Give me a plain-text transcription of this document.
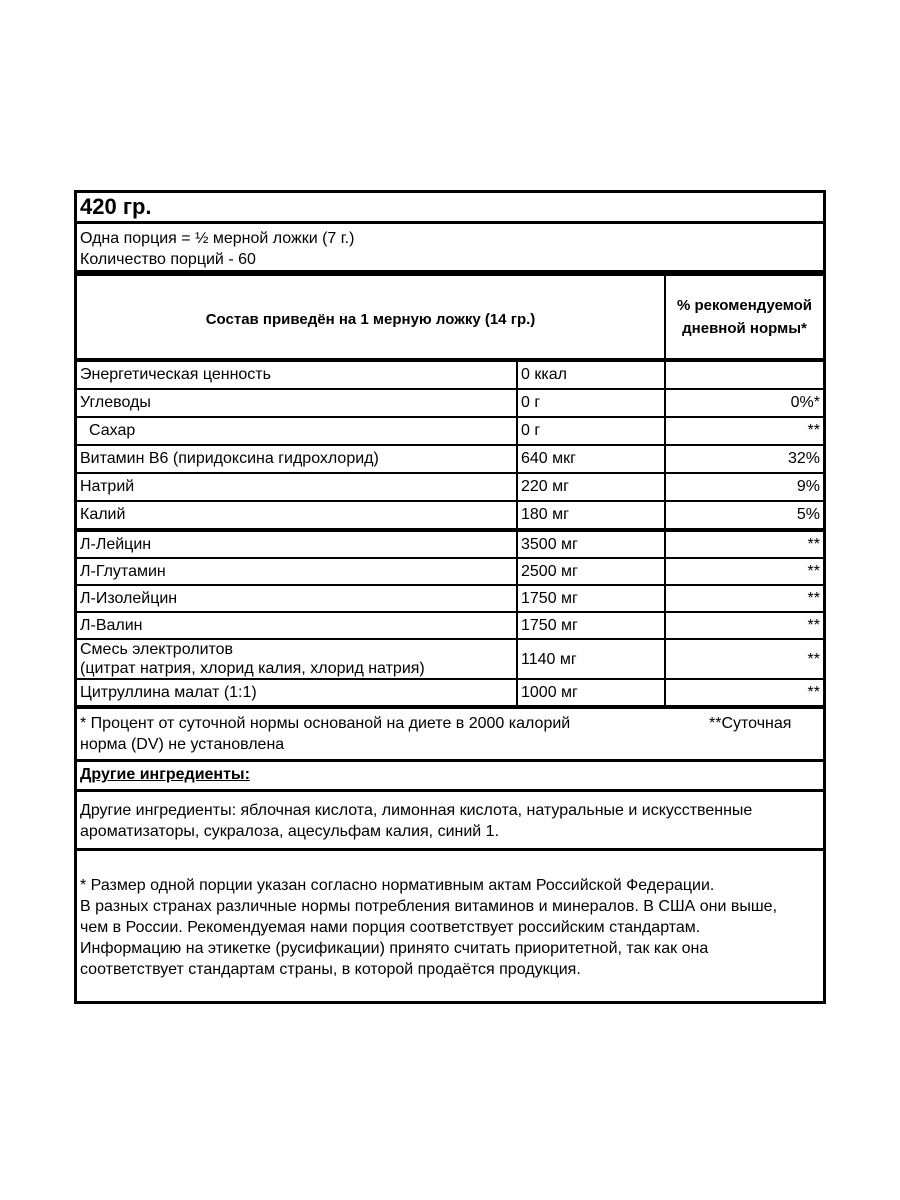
420 гр.
Одна порция = ½ мерной ложки (7 г.)
Количество порций - 60
Состав приведён на 1 мерную ложку (14 гр.)
% рекомендуемой
дневной нормы*
Энергетическая ценность	0 ккал
Углеводы	0 г	0%*
Сахар	0 г	**
Витамин В6 (пиридоксина гидрохлорид)	640 мкг	32%
Натрий	220 мг	9%
Калий	180 мг	5%
Л-Лейцин	3500 мг	**
Л-Глутамин	2500 мг	**
Л-Изолейцин	1750 мг	**
Л-Валин	1750 мг	**
Смесь электролитов
(цитрат натрия, хлорид калия, хлорид натрия)
1140 мг	**
Цитруллина малат (1:1)	1000 мг	**
* Процент от суточной нормы основаной на диете в 2000 калорий
норма (DV) не установлена
**Суточная
Другие ингредиенты:
Другие ингредиенты: яблочная кислота, лимонная кислота, натуральные и искусственные
ароматизаторы, сукралоза, ацесульфам калия, синий 1.
* Размер одной порции указан согласно нормативным актам Российской Федерации.
В разных странах различные нормы потребления витаминов и минералов. В США они выше,
чем в России. Рекомендуемая нами порция соответствует российским стандартам.
Информацию на этикетке (русификации) принято считать приоритетной, так как она
соответствует стандартам страны, в которой продаётся продукция.
